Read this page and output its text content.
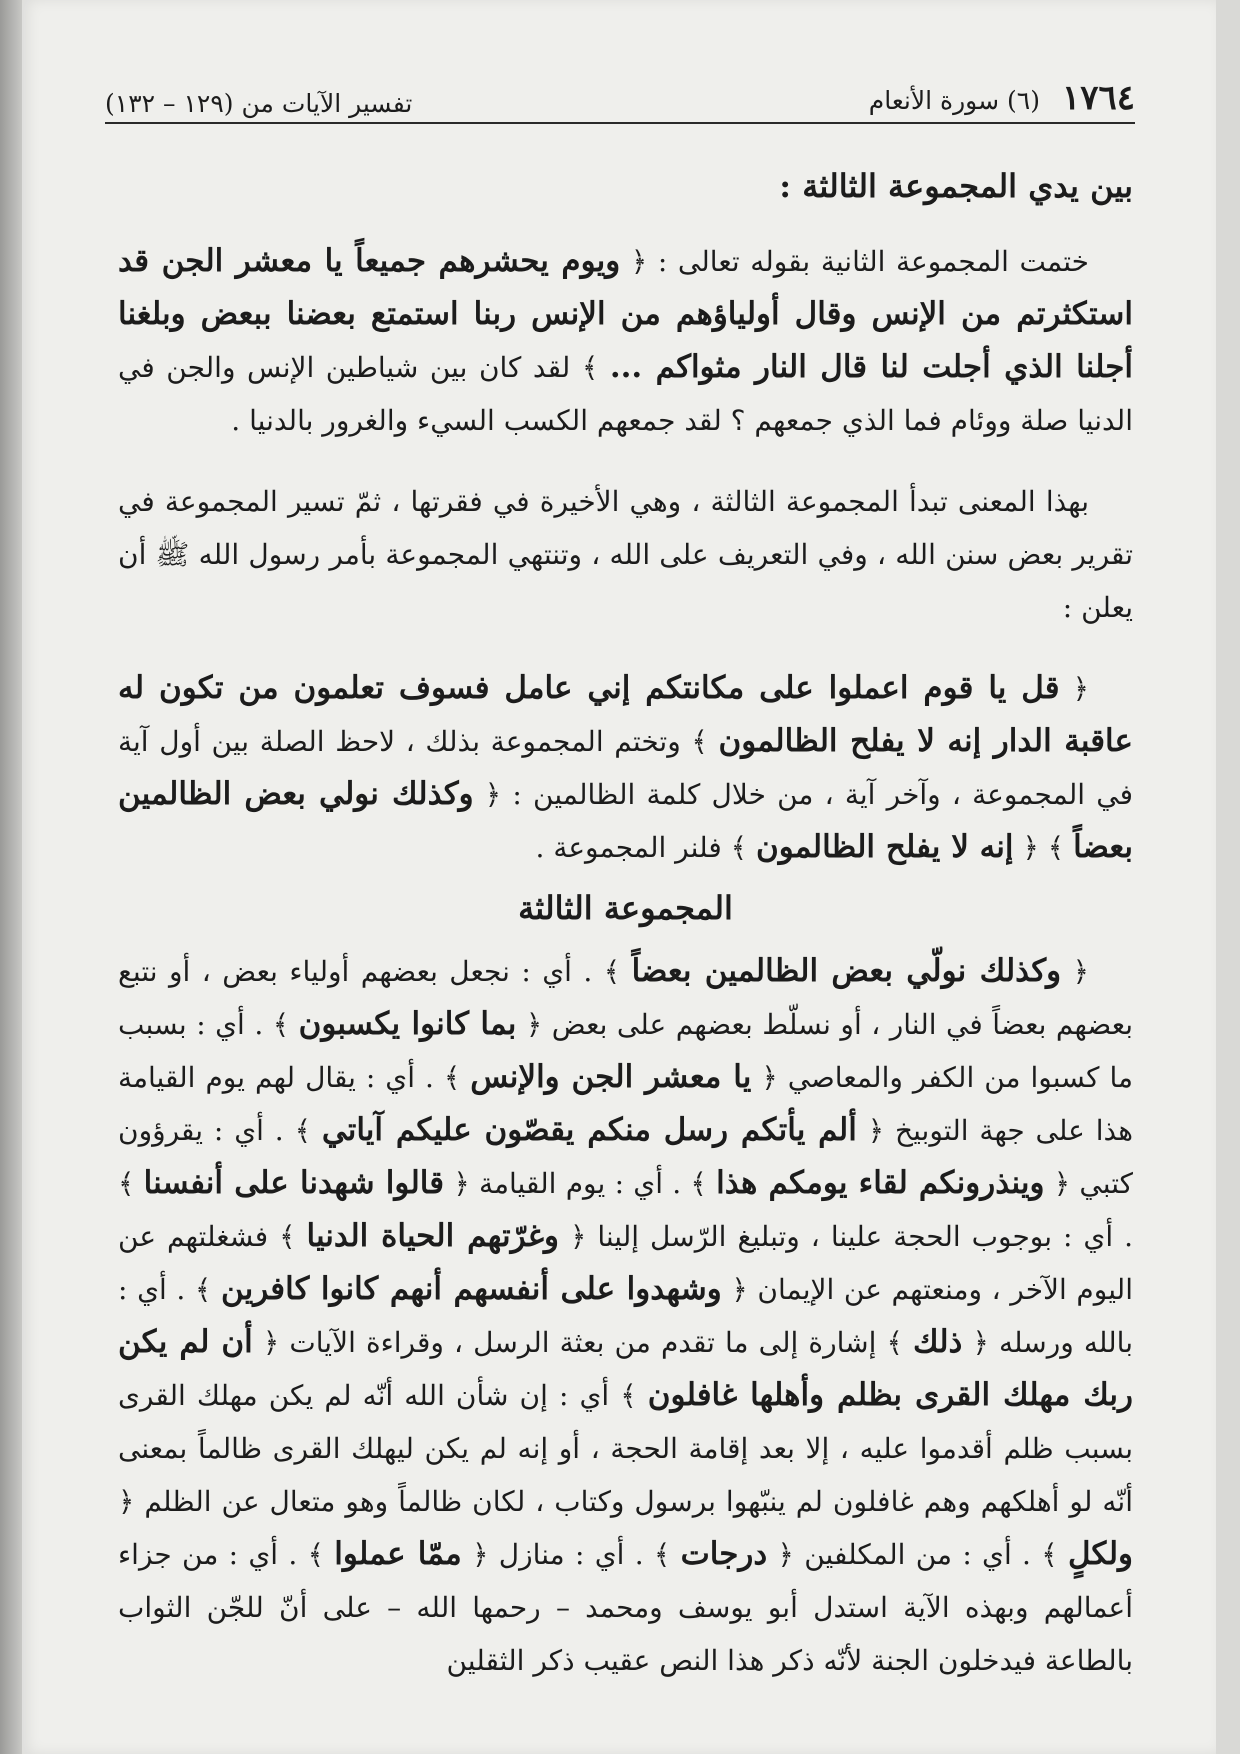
١٧٦٤
(٦) سورة الأنعام
تفسير الآيات من (١٢٩ – ١٣٢)
بين يدي المجموعة الثالثة :

ختمت المجموعة الثانية بقوله تعالى : ﴿ ويوم يحشرهم جميعاً يا معشر الجن قد استكثرتم من الإنس وقال أولياؤهم من الإنس ربنا استمتع بعضنا ببعض وبلغنا أجلنا الذي أجلت لنا قال النار مثواكم ... ﴾ لقد كان بين شياطين الإنس والجن في الدنيا صلة ووئام فما الذي جمعهم ؟ لقد جمعهم الكسب السيء والغرور بالدنيا .

بهذا المعنى تبدأ المجموعة الثالثة ، وهي الأخيرة في فقرتها ، ثمّ تسير المجموعة في تقرير بعض سنن الله ، وفي التعريف على الله ، وتنتهي المجموعة بأمر رسول الله ﷺ أن يعلن :

﴿ قل يا قوم اعملوا على مكانتكم إني عامل فسوف تعلمون من تكون له عاقبة الدار إنه لا يفلح الظالمون ﴾ وتختم المجموعة بذلك ، لاحظ الصلة بين أول آية في المجموعة ، وآخر آية ، من خلال كلمة الظالمين : ﴿ وكذلك نولي بعض الظالمين بعضاً ﴾ ﴿ إنه لا يفلح الظالمون ﴾ فلنر المجموعة .

المجموعة الثالثة

﴿ وكذلك نولّي بعض الظالمين بعضاً ﴾ . أي : نجعل بعضهم أولياء بعض ، أو نتبع بعضهم بعضاً في النار ، أو نسلّط بعضهم على بعض ﴿ بما كانوا يكسبون ﴾ . أي : بسبب ما كسبوا من الكفر والمعاصي ﴿ يا معشر الجن والإنس ﴾ . أي : يقال لهم يوم القيامة هذا على جهة التوبيخ ﴿ ألم يأتكم رسل منكم يقصّون عليكم آياتي ﴾ . أي : يقرؤون كتبي ﴿ وينذرونكم لقاء يومكم هذا ﴾ . أي : يوم القيامة ﴿ قالوا شهدنا على أنفسنا ﴾ . أي : بوجوب الحجة علينا ، وتبليغ الرّسل إلينا ﴿ وغرّتهم الحياة الدنيا ﴾ فشغلتهم عن اليوم الآخر ، ومنعتهم عن الإيمان ﴿ وشهدوا على أنفسهم أنهم كانوا كافرين ﴾ . أي : بالله ورسله ﴿ ذلك ﴾ إشارة إلى ما تقدم من بعثة الرسل ، وقراءة الآيات ﴿ أن لم يكن ربك مهلك القرى بظلم وأهلها غافلون ﴾ أي : إن شأن الله أنّه لم يكن مهلك القرى بسبب ظلم أقدموا عليه ، إلا بعد إقامة الحجة ، أو إنه لم يكن ليهلك القرى ظالماً بمعنى أنّه لو أهلكهم وهم غافلون لم ينبّهوا برسول وكتاب ، لكان ظالماً وهو متعال عن الظلم ﴿ ولكلٍ ﴾ . أي : من المكلفين ﴿ درجات ﴾ . أي : منازل ﴿ ممّا عملوا ﴾ . أي : من جزاء أعمالهم وبهذه الآية استدل أبو يوسف ومحمد – رحمها الله – على أنّ للجّن الثواب بالطاعة فيدخلون الجنة لأنّه ذكر هذا النص عقيب ذكر الثقلين
